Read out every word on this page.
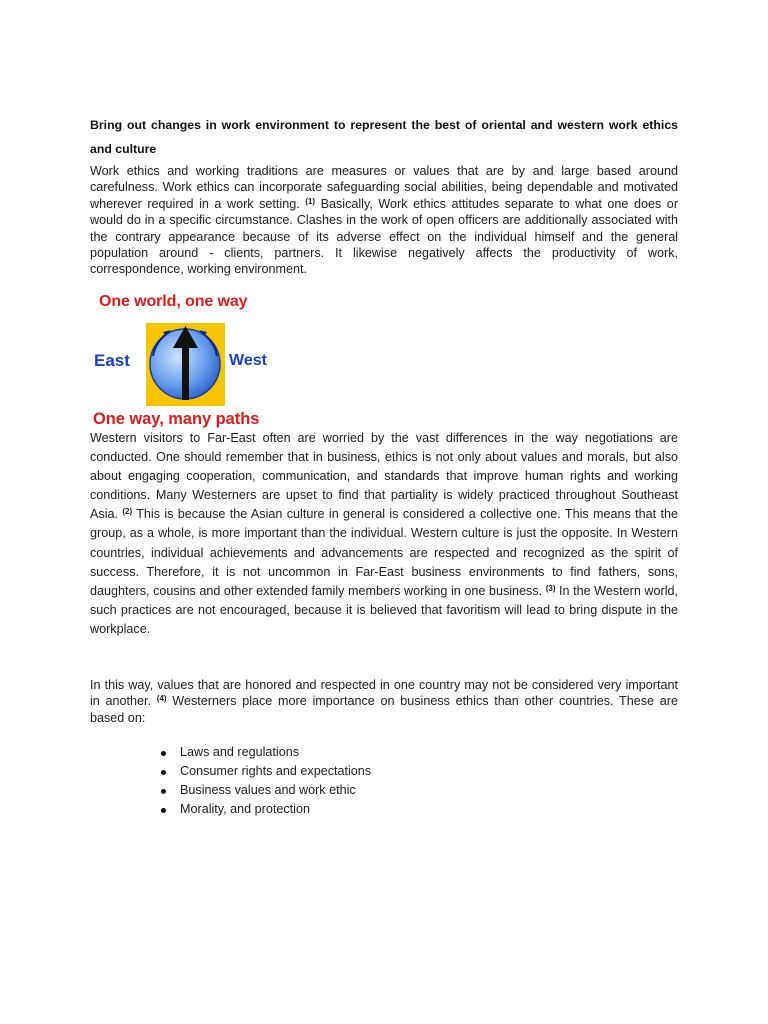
Bring out changes in work environment to represent the best of oriental and western work ethics and culture
Work ethics and working traditions are measures or values that are by and large based around carefulness. Work ethics can incorporate safeguarding social abilities, being dependable and motivated wherever required in a work setting. $^{(1)}$ Basically, Work ethics attitudes separate to what one does or would do in a specific circumstance. Clashes in the work of open officers are additionally associated with the contrary appearance because of its adverse effect on the individual himself and the general population around - clients, partners. It likewise negatively affects the productivity of work, correspondence, working environment.
One world, one way
East	West
One way, many paths
Western visitors to Far-East often are worried by the vast differences in the way negotiations are conducted. One should remember that in business, ethics is not only about values and morals, but also about engaging cooperation, communication, and standards that improve human rights and working conditions. Many Westerners are upset to find that partiality is widely practiced throughout Southeast Asia. $^{(2)}$ This is because the Asian culture in general is considered a collective one. This means that the group, as a whole, is more important than the individual. Western culture is just the opposite. In Western countries, individual achievements and advancements are respected and recognized as the spirit of success. Therefore, it is not uncommon in Far-East business environments to find fathers, sons, daughters, cousins and other extended family members working in one business. $^{(3)}$ In the Western world, such practices are not encouraged, because it is believed that favoritism will lead to bring dispute in the workplace.
In this way, values that are honored and respected in one country may not be considered very important in another. $^{(4)}$ Westerners place more importance on business ethics than other countries. These are based on:
Laws and regulations
Consumer rights and expectations
Business values and work ethic
Morality, and protection
